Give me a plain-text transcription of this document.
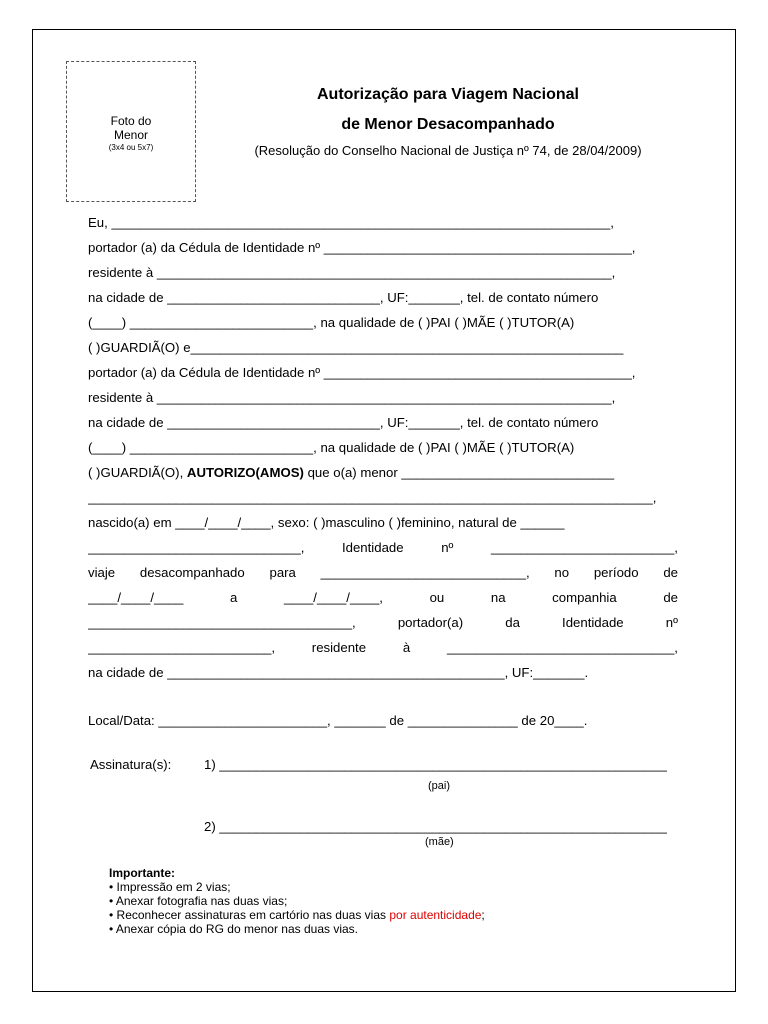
Foto do
Menor
(3x4 ou 5x7)
Autorização para Viagem Nacional
de Menor Desacompanhado
(Resolução do Conselho Nacional de Justiça nº 74, de 28/04/2009)
Eu, ____________________________________________________________________,
portador (a) da Cédula de Identidade nº __________________________________________,
residente à ______________________________________________________________,
na cidade de _____________________________, UF:_______, tel. de contato número
(____) _________________________, na qualidade de ( )PAI ( )MÃE ( )TUTOR(A)
( )GUARDIÃ(O) e___________________________________________________________
portador (a) da Cédula de Identidade nº __________________________________________,
residente à ______________________________________________________________,
na cidade de _____________________________, UF:_______, tel. de contato número
(____) _________________________, na qualidade de ( )PAI ( )MÃE ( )TUTOR(A)
( )GUARDIÃ(O), AUTORIZO(AMOS) que o(a) menor _____________________________
_____________________________________________________________________________,
nascido(a) em ____/____/____, sexo: ( )masculino ( )feminino, natural de ______
_____________________________,	Identidade	nº	_________________________,
viaje desacompanhado para ____________________________, no período de
____/____/____	a	____/____/____,	ou	na	companhia	de
____________________________________,	portador(a)	da	Identidade	nº
_________________________,	residente	à	_______________________________,
na cidade de ______________________________________________, UF:_______.
Local/Data: _______________________, _______ de _______________ de 20____.
Assinatura(s):	1) _____________________________________________________________
(pai)
2) _____________________________________________________________
(mãe)
Importante:
• Impressão em 2 vias;
• Anexar fotografia nas duas vias;
• Reconhecer assinaturas em cartório nas duas vias por autenticidade;
• Anexar cópia do RG do menor nas duas vias.
